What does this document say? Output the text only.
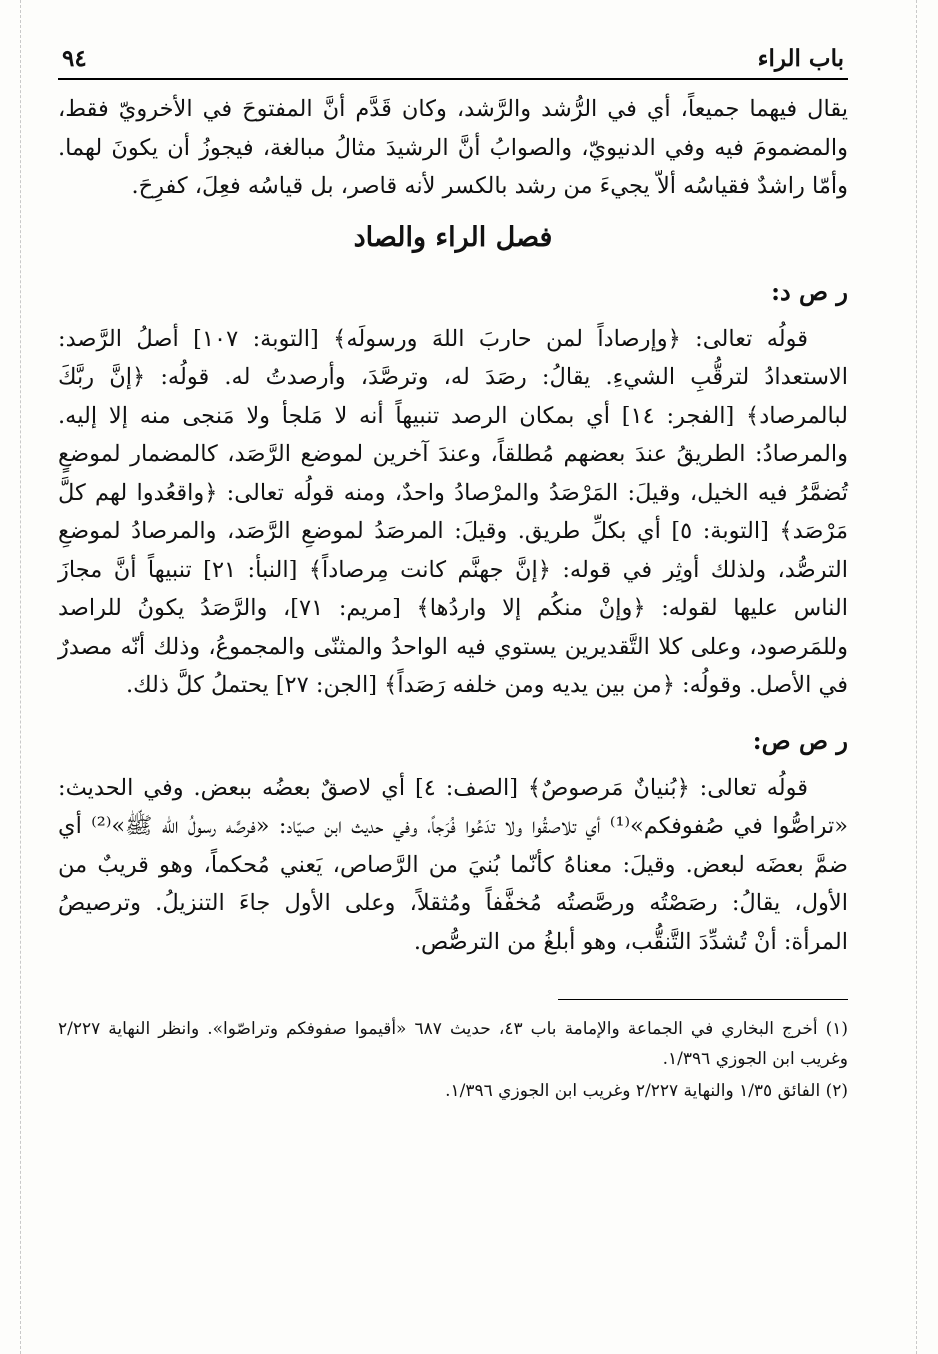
باب الراء
٩٤

يقال فيهما جميعاً، أي في الرُّشد والرَّشد، وكان قَدَّم أنَّ المفتوحَ في الأخرويّ فقط، والمضمومَ فيه وفي الدنيويّ، والصوابُ أنَّ الرشيدَ مثالُ مبالغة، فيجوزُ أن يكونَ لهما. وأمّا راشدٌ فقياسُه ألاّ يجيءَ من رشد بالكسر لأنه قاصر، بل قياسُه فعِلَ، كفرِحَ.

فصل الراء والصاد
ر ص د:

قولُه تعالى: ﴿وإرصاداً لمن حاربَ اللهَ ورسولَه﴾ [التوبة: ١٠٧] أصلُ الرَّصد: الاستعدادُ لترقُّبِ الشيءِ. يقالُ: رصَدَ له، وترصَّدَ، وأرصدتُ له. قولُه: ﴿إنَّ ربَّكَ لبالمرصاد﴾ [الفجر: ١٤] أي بمكان الرصد تنبيهاً أنه لا مَلجأ ولا مَنجى منه إلا إليه. والمرصادُ: الطريقُ عندَ بعضهم مُطلقاً، وعندَ آخرين لموضع الرَّصَد، كالمضمار لموضعٍ تُضمَّرُ فيه الخيل، وقيلَ: المَرْصَدُ والمرْصادُ واحدٌ، ومنه قولُه تعالى: ﴿واقعُدوا لهم كلَّ مَرْصَد﴾ [التوبة: ٥] أي بكلِّ طريق. وقيلَ: المرصَدُ لموضعِ الرَّصَد، والمرصادُ لموضعِ الترصُّد، ولذلك أوثِر في قوله: ﴿إنَّ جهنَّم كانت مِرصاداً﴾ [النبأ: ٢١] تنبيهاً أنَّ مجازَ الناس عليها لقوله: ﴿وإنْ منكُم إلا واردُها﴾ [مريم: ٧١]، والرَّصَدُ يكونُ للراصد وللمَرصود، وعلى كلا التَّقديرين يستوي فيه الواحدُ والمثنّى والمجموعُ، وذلك أنّه مصدرٌ في الأصل. وقولُه: ﴿من بين يديه ومن خلفه رَصَداً﴾ [الجن: ٢٧] يحتملُ كلَّ ذلك.

ر ص ص:

قولُه تعالى: ﴿بُنيانٌ مَرصوصٌ﴾ [الصف: ٤] أي لاصقٌ بعضُه ببعض. وفي الحديث: «تراصُّوا في صُفوفكم»⁽¹⁾ أي تلاصقُوا ولا تدَعُوا فُرَجاً، وفي حديث ابن صيّاد: «فرصَّه رسولُ الله ﷺ»⁽²⁾ أي ضمَّ بعضَه لبعض. وقيلَ: معناهُ كأنّما بُنيَ من الرَّصاص، يَعني مُحكماً، وهو قريبٌ من الأول، يقالُ: رصَصْتُه ورصَّصتُه مُخفَّفاً ومُثقلاً، وعلى الأول جاءَ التنزيلُ. وترصيصُ المرأة: أنْ تُشدِّدَ التَّنقُّب، وهو أبلغُ من الترصُّص.

(١) أخرج البخاري في الجماعة والإمامة باب ٤٣، حديث ٦٨٧ «أقيموا صفوفكم وتراصّوا». وانظر النهاية ٢/٢٢٧ وغريب ابن الجوزي ١/٣٩٦.

(٢) الفائق ١/٣٥ والنهاية ٢/٢٢٧ وغريب ابن الجوزي ١/٣٩٦.
